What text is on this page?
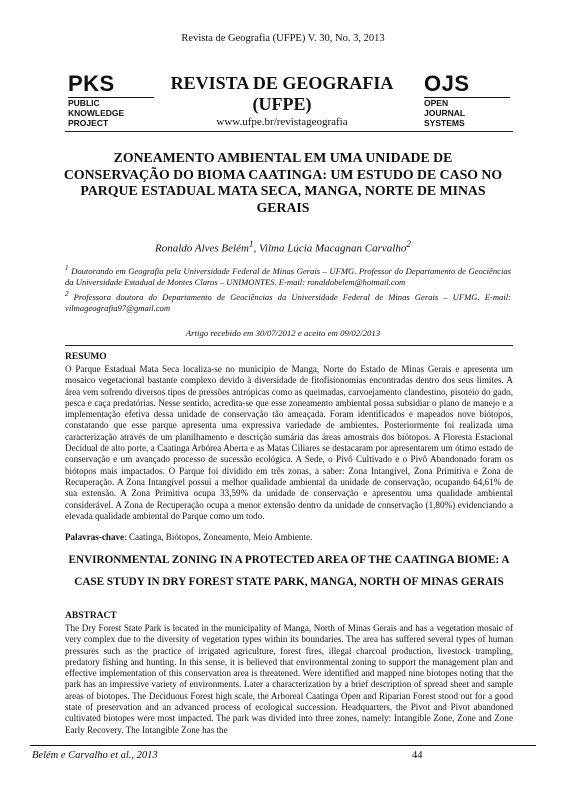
Revista de Geografia (UFPE) V. 30, No. 3, 2013
PKS
PUBLIC
KNOWLEDGE
PROJECT
REVISTA DE GEOGRAFIA
(UFPE)
www.ufpe.br/revistageografia
OJS
OPEN
JOURNAL
SYSTEMS
ZONEAMENTO AMBIENTAL EM UMA UNIDADE DE CONSERVAÇÃO DO BIOMA CAATINGA: UM ESTUDO DE CASO NO PARQUE ESTADUAL MATA SECA, MANGA, NORTE DE MINAS GERAIS
Ronaldo Alves Belém$^1$, Vilma Lúcia Macagnan Carvalho$^2$

$^1$ Doutorando em Geografia pela Universidade Federal de Minas Gerais – UFMG. Professor do Departamento de Geociências da Universidade Estadual de Montes Claros – UNIMONTES. E-mail: ronaldobelem@hotmail.com

$^2$ Professora doutora do Departamento de Geociências da Universidade Federal de Minas Gerais – UFMG. E-mail: vilmageografia97@gmail.com

Artigo recebido em 30/07/2012 e aceito em 09/02/2013
RESUMO
O Parque Estadual Mata Seca localiza-se no município de Manga, Norte do Estado de Minas Gerais e apresenta um mosaico vegetacional bastante complexo devido à diversidade de fitofisionomias encontradas dentro dos seus limites. A área vem sofrendo diversos tipos de pressões antrópicas como as queimadas, carvoejamento clandestino, pisoteio do gado, pesca e caça predatórias. Nesse sentido, acredita-se que esse zoneamento ambiental possa subsidiar o plano de manejo e a implementação efetiva dessa unidade de conservação tão ameaçada. Foram identificados e mapeados nove biótopos, constatando que esse parque apresenta uma expressiva variedade de ambientes. Posteriormente foi realizada uma caracterização através de um planilhamento e descrição sumária das áreas amostrais dos biótopos. A Floresta Estacional Decidual de alto porte, a Caatinga Arbórea Aberta e as Matas Ciliares se destacaram por apresentarem um ótimo estado de conservação e um avançado processo de sucessão ecológica. A Sede, o Pivô Cultivado e o Pivô Abandonado foram os biótopos mais impactados. O Parque foi dividido em três zonas, a saber: Zona Intangível, Zona Primitiva e Zona de Recuperação. A Zona Intangível possui a melhor qualidade ambiental da unidade de conservação, ocupando 64,61% de sua extensão. A Zona Primitiva ocupa 33,59% da unidade de conservação e apresentou uma qualidade ambiental considerável. A Zona de Recuperação ocupa a menor extensão dentro da unidade de conservação (1,80%) evidenciando a elevada qualidade ambiental do Parque como um todo.
Palavras-chave: Caatinga, Biótopos, Zoneamento, Meio Ambiente.
ENVIRONMENTAL ZONING IN A PROTECTED AREA OF THE CAATINGA BIOME: A CASE STUDY IN DRY FOREST STATE PARK, MANGA, NORTH OF MINAS GERAIS
ABSTRACT
The Dry Forest State Park is located in the municipality of Manga, North of Minas Gerais and has a vegetation mosaic of very complex due to the diversity of vegetation types within its boundaries. The area has suffered several types of human pressures such as the practice of irrigated agriculture, forest fires, illegal charcoal production, livestock trampling, predatory fishing and hunting. In this sense, it is believed that environmental zoning to support the management plan and effective implementation of this conservation area is threatened. Were identified and mapped nine biotopes noting that the park has an impressive variety of environments. Later a characterization by a brief description of spread sheet and sample areas of biotopes. The Deciduous Forest high scale, the Arboreal Caatinga Open and Riparian Forest stood out for a good state of preservation and an advanced process of ecological succession. Headquarters, the Pivot and Pivot abandoned cultivated biotopes were most impacted. The park was divided into three zones, namely: Intangible Zone, Zone and Zone Early Recovery. The Intangible Zone has the
Belém e Carvalho et al., 2013	44
